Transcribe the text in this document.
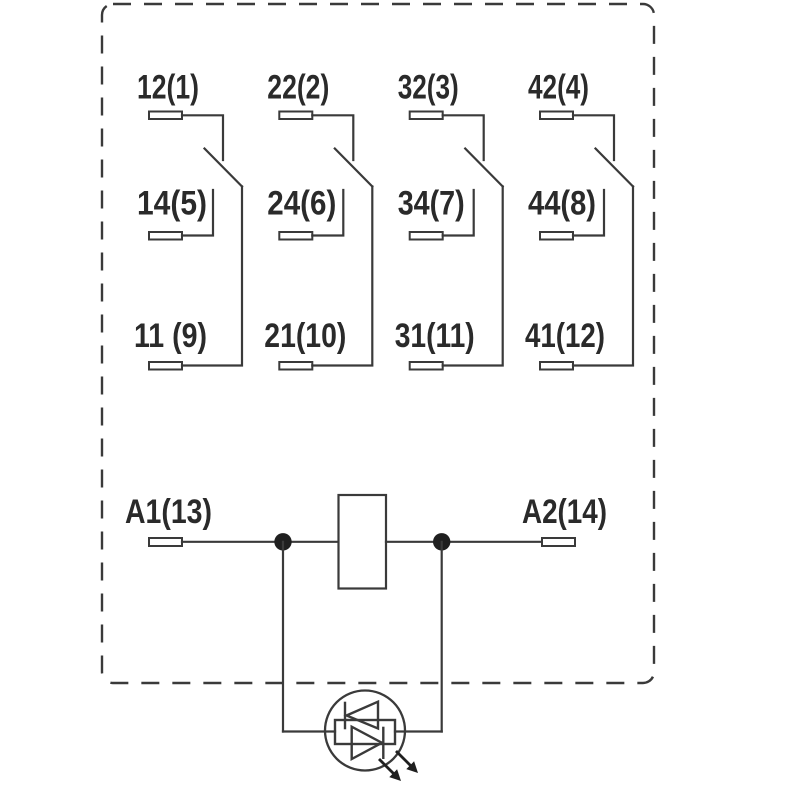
12(1)
14(5)
11 (9)
22(2)
24(6)
21(10)
32(3)
34(7)
31(11)
42(4)
44(8)
41(12)
A1(13)	A2(14)
